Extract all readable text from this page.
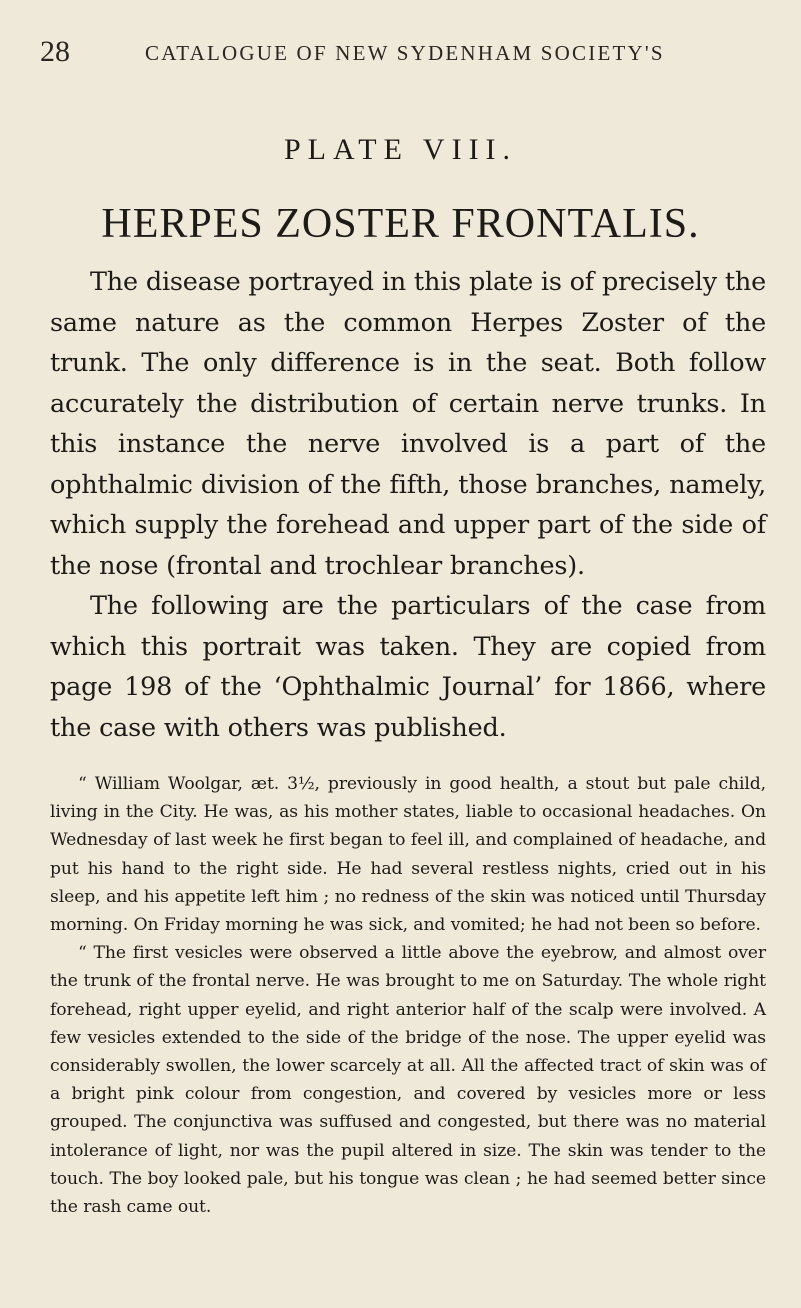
28	CATALOGUE OF NEW SYDENHAM SOCIETY'S
PLATE VIII.
HERPES ZOSTER FRONTALIS.

The disease portrayed in this plate is of precisely the same nature as the common Herpes Zoster of the trunk. The only difference is in the seat. Both follow accurately the distribution of certain nerve trunks. In this instance the nerve involved is a part of the ophthalmic division of the fifth, those branches, namely, which supply the forehead and upper part of the side of the nose (frontal and trochlear branches).

The following are the particulars of the case from which this portrait was taken. They are copied from page 198 of the ‘Ophthalmic Journal’ for 1866, where the case with others was published.

“ William Woolgar, æt. 3½, previously in good health, a stout but pale child, living in the City. He was, as his mother states, liable to occasional headaches. On Wednesday of last week he first began to feel ill, and complained of headache, and put his hand to the right side. He had several restless nights, cried out in his sleep, and his appetite left him ; no redness of the skin was noticed until Thursday morning. On Friday morning he was sick, and vomited; he had not been so before.

“ The first vesicles were observed a little above the eyebrow, and almost over the trunk of the frontal nerve. He was brought to me on Saturday. The whole right forehead, right upper eyelid, and right anterior half of the scalp were involved. A few vesicles extended to the side of the bridge of the nose. The upper eyelid was considerably swollen, the lower scarcely at all. All the affected tract of skin was of a bright pink colour from congestion, and covered by vesicles more or less grouped. The conjunctiva was suffused and congested, but there was no material intolerance of light, nor was the pupil altered in size. The skin was tender to the touch. The boy looked pale, but his tongue was clean ; he had seemed better since the rash came out.
